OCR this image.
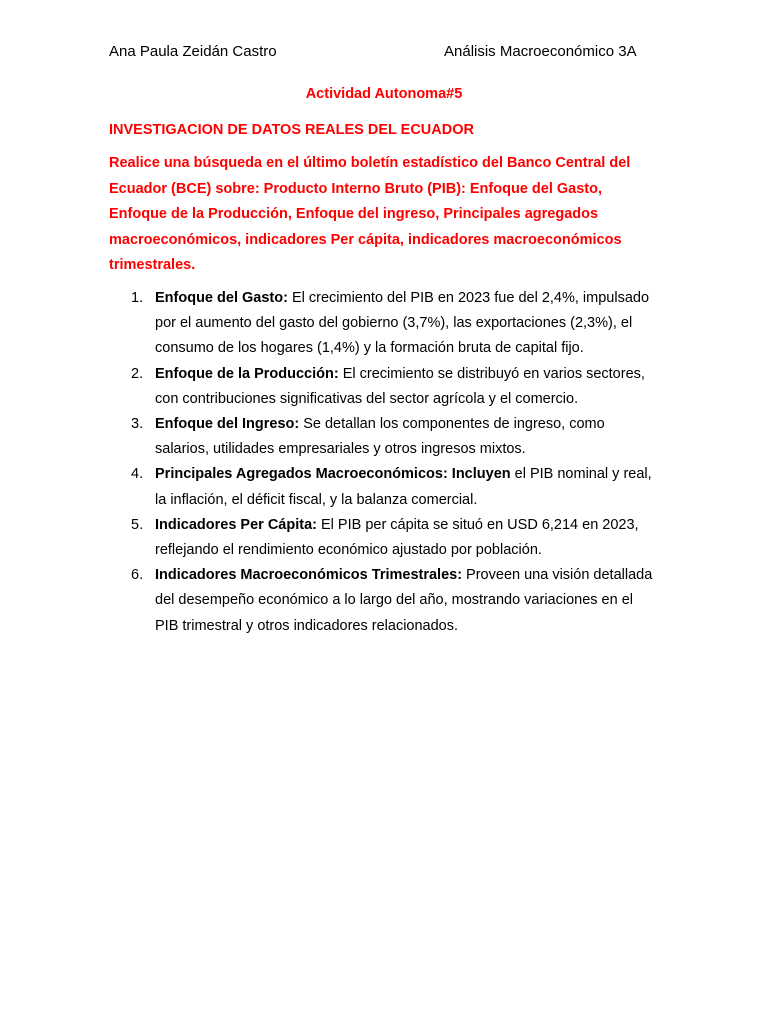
Ana Paula Zeidán Castro	Análisis Macroeconómico 3A
Actividad Autonoma#5
INVESTIGACION DE DATOS REALES DEL ECUADOR

Realice una búsqueda en el último boletín estadístico del Banco Central del Ecuador (BCE) sobre: Producto Interno Bruto (PIB): Enfoque del Gasto, Enfoque de la Producción, Enfoque del ingreso, Principales agregados macroeconómicos, indicadores Per cápita, indicadores macroeconómicos trimestrales.

1. Enfoque del Gasto: El crecimiento del PIB en 2023 fue del 2,4%, impulsado por el aumento del gasto del gobierno (3,7%), las exportaciones (2,3%), el consumo de los hogares (1,4%) y la formación bruta de capital fijo.
2. Enfoque de la Producción: El crecimiento se distribuyó en varios sectores, con contribuciones significativas del sector agrícola y el comercio.
3. Enfoque del Ingreso: Se detallan los componentes de ingreso, como salarios, utilidades empresariales y otros ingresos mixtos.
4. Principales Agregados Macroeconómicos: Incluyen el PIB nominal y real, la inflación, el déficit fiscal, y la balanza comercial.
5. Indicadores Per Cápita: El PIB per cápita se situó en USD 6,214 en 2023, reflejando el rendimiento económico ajustado por población.
6. Indicadores Macroeconómicos Trimestrales: Proveen una visión detallada del desempeño económico a lo largo del año, mostrando variaciones en el PIB trimestral y otros indicadores relacionados.
